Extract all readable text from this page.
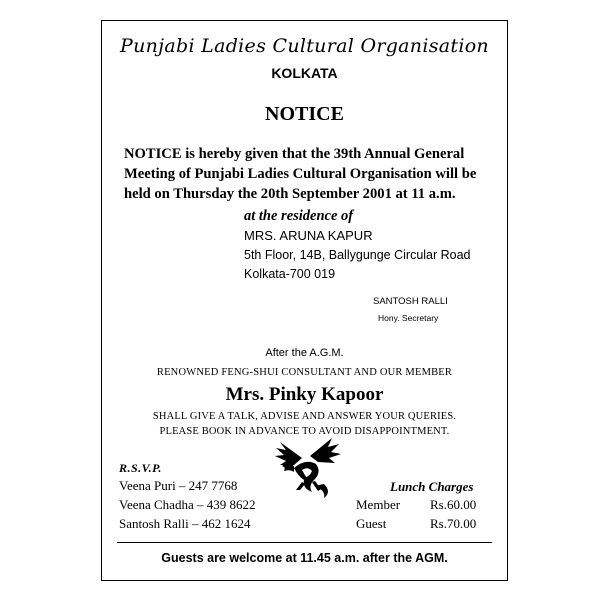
Punjabi Ladies Cultural Organisation
KOLKATA
NOTICE
NOTICE is hereby given that the 39th Annual General Meeting of Punjabi Ladies Cultural Organisation will be held on Thursday the 20th September 2001 at 11 a.m.
at the residence of
MRS. ARUNA KAPUR
5th Floor, 14B, Ballygunge Circular Road
Kolkata-700 019
SANTOSH RALLI
Hony. Secretary
After the A.G.M.
RENOWNED FENG-SHUI CONSULTANT AND OUR MEMBER
Mrs. Pinky Kapoor
SHALL GIVE A TALK, ADVISE AND ANSWER YOUR QUERIES.
PLEASE BOOK IN ADVANCE TO AVOID DISAPPOINTMENT.
R.S.V.P.
Veena Puri – 247 7768
Veena Chadha – 439 8622
Santosh Ralli – 462 1624
Lunch Charges
Member Rs.60.00
Guest	Rs.70.00
Guests are welcome at 11.45 a.m. after the AGM.
